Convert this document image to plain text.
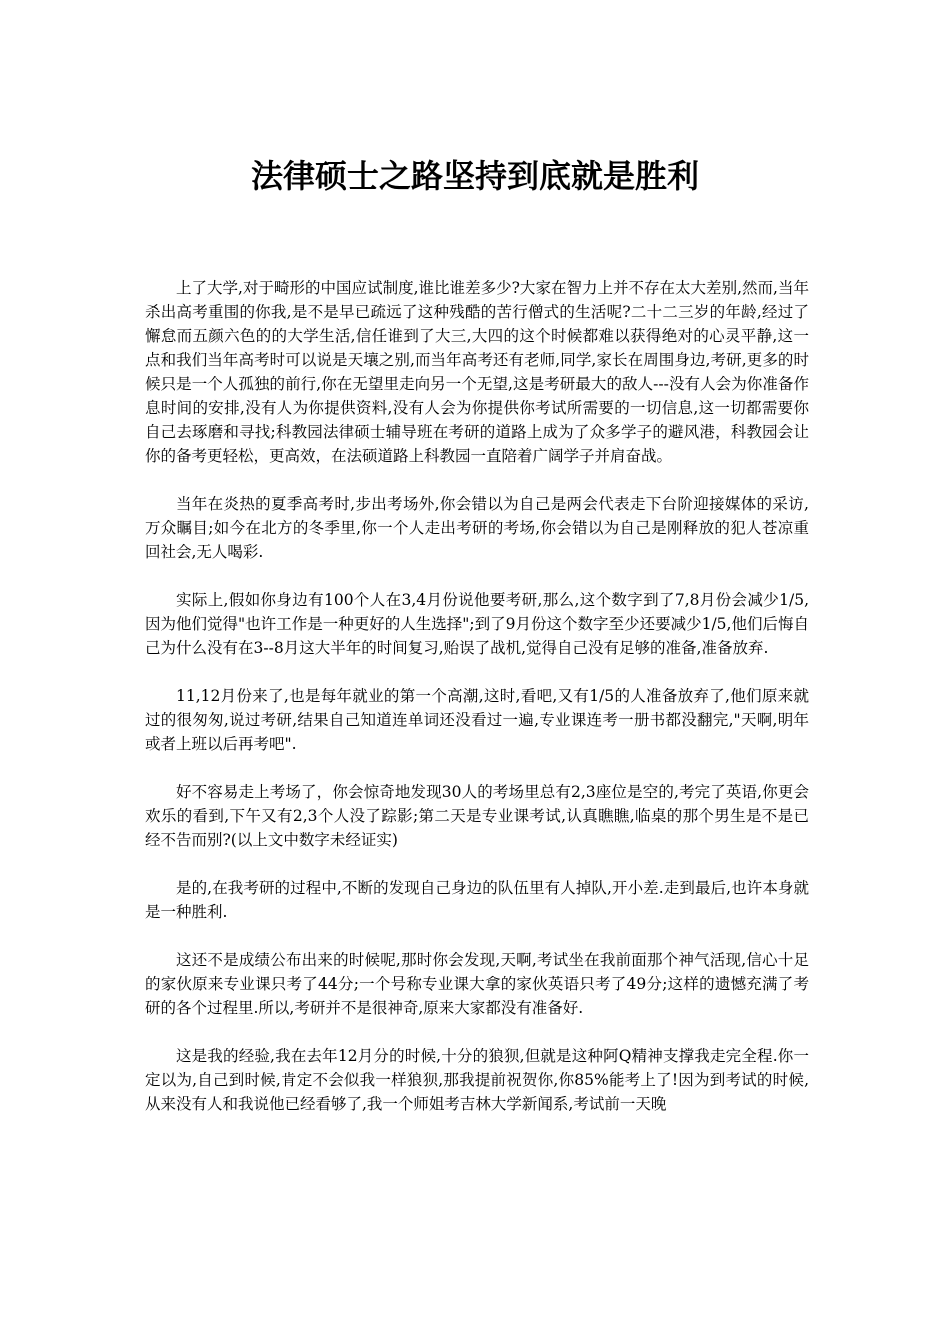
法律硕士之路坚持到底就是胜利

上了大学,对于畸形的中国应试制度,谁比谁差多少?大家在智力上并不存在太大差别,然而,当年杀出高考重围的你我,是不是早已疏远了这种残酷的苦行僧式的生活呢?二十二三岁的年龄,经过了懈怠而五颜六色的的大学生活,信任谁到了大三,大四的这个时候都难以获得绝对的心灵平静,这一点和我们当年高考时可以说是天壤之别,而当年高考还有老师,同学,家长在周围身边,考研,更多的时候只是一个人孤独的前行,你在无望里走向另一个无望,这是考研最大的敌人---没有人会为你准备作息时间的安排,没有人为你提供资料,没有人会为你提供你考试所需要的一切信息,这一切都需要你自己去琢磨和寻找;科教园法律硕士辅导班在考研的道路上成为了众多学子的避风港，科教园会让你的备考更轻松，更高效，在法硕道路上科教园一直陪着广阔学子并肩奋战。

当年在炎热的夏季高考时,步出考场外,你会错以为自己是两会代表走下台阶迎接媒体的采访,万众瞩目;如今在北方的冬季里,你一个人走出考研的考场,你会错以为自己是刚释放的犯人苍凉重回社会,无人喝彩.

实际上,假如你身边有100个人在3,4月份说他要考研,那么,这个数字到了7,8月份会减少1/5,因为他们觉得"也许工作是一种更好的人生选择";到了9月份这个数字至少还要减少1/5,他们后悔自己为什么没有在3--8月这大半年的时间复习,贻误了战机,觉得自己没有足够的准备,准备放弃.

11,12月份来了,也是每年就业的第一个高潮,这时,看吧,又有1/5的人准备放弃了,他们原来就过的很匆匆,说过考研,结果自己知道连单词还没看过一遍,专业课连考一册书都没翻完,"天啊,明年或者上班以后再考吧".

好不容易走上考场了，你会惊奇地发现30人的考场里总有2,3座位是空的,考完了英语,你更会欢乐的看到,下午又有2,3个人没了踪影;第二天是专业课考试,认真瞧瞧,临桌的那个男生是不是已经不告而别?(以上文中数字未经证实)

是的,在我考研的过程中,不断的发现自己身边的队伍里有人掉队,开小差.走到最后,也许本身就是一种胜利.

这还不是成绩公布出来的时候呢,那时你会发现,天啊,考试坐在我前面那个神气活现,信心十足的家伙原来专业课只考了44分;一个号称专业课大拿的家伙英语只考了49分;这样的遗憾充满了考研的各个过程里.所以,考研并不是很神奇,原来大家都没有准备好.

这是我的经验,我在去年12月分的时候,十分的狼狈,但就是这种阿Q精神支撑我走完全程.你一定以为,自己到时候,肯定不会似我一样狼狈,那我提前祝贺你,你85%能考上了!因为到考试的时候,从来没有人和我说他已经看够了,我一个师姐考吉林大学新闻系,考试前一天晚
